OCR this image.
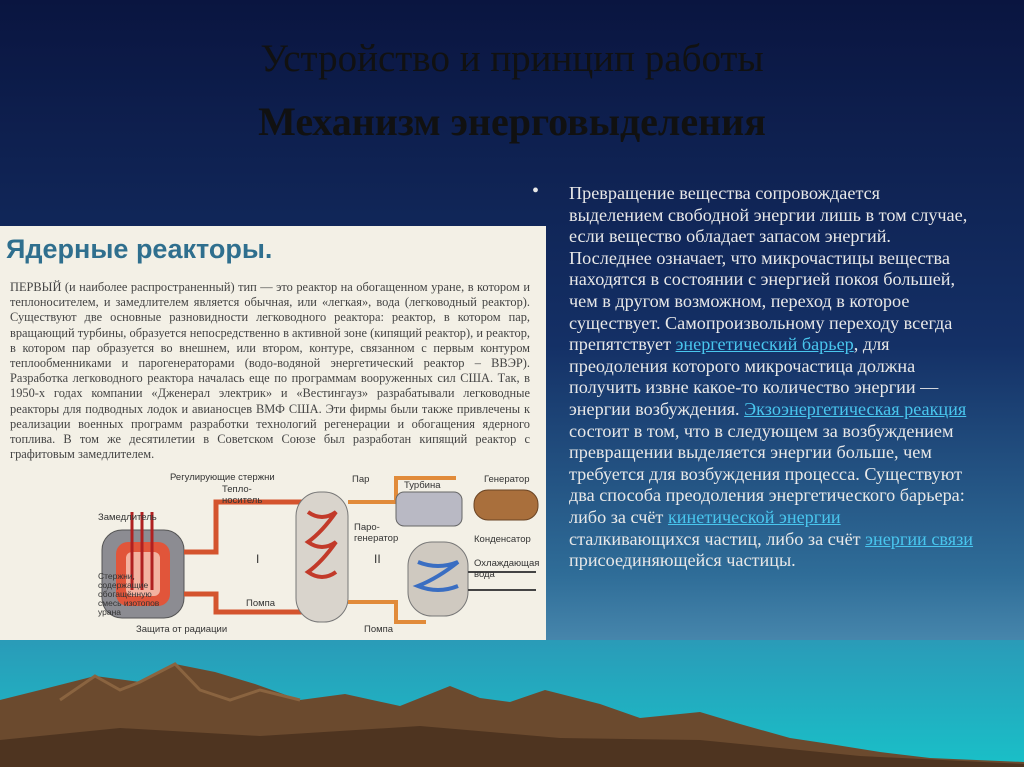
Устройство и принцип работы
Механизм энерговыделения
Ядерные реакторы.
ПЕРВЫЙ (и наиболее распространенный) тип — это реактор на обогащенном уране, в котором и теплоносителем, и замедлителем является обычная, или «легкая», вода (легководный реактор). Существуют две основные разновидности легководного реактора: реактор, в котором пар, вращающий турбины, образуется непосредственно в активной зоне (кипящий реактор), и реактор, в котором пар образуется во внешнем, или втором, контуре, связанном с первым контуром теплообменниками и парогенераторами (водо-водяной энергетический реактор – ВВЭР). Разработка легководного реактора началась еще по программам вооруженных сил США. Так, в 1950-х годах компании «Дженерал электрик» и «Вестингауз» разрабатывали легководные реакторы для подводных лодок и авианосцев ВМФ США. Эти фирмы были также привлечены к реализации военных программ разработки технологий регенерации и обогащения ядерного топлива. В том же десятилетии в Советском Союзе был разработан кипящий реактор с графитовым замедлителем.
Регулирующие стержни
Замедлитель
Стержни, содержащие обогащённую смесь изотопов урана
Тепло-носитель
Пар
Турбина
Генератор
Паро-генератор	Конденсатор
Охлаждающая вода
Помпа
Помпа
Защита от радиации
I	II
• Превращение вещества сопровождается выделением свободной энергии лишь в том случае, если вещество обладает запасом энергий. Последнее означает, что микрочастицы вещества находятся в состоянии с энергией покоя большей, чем в другом возможном, переход в которое существует. Самопроизвольному переходу всегда препятствует энергетический барьер, для преодоления которого микрочастица должна получить извне какое-то количество энергии — энергии возбуждения. Экзоэнергетическая реакция состоит в том, что в следующем за возбуждением превращении выделяется энергии больше, чем требуется для возбуждения процесса. Существуют два способа преодоления энергетического барьера: либо за счёт кинетической энергии сталкивающихся частиц, либо за счёт энергии связи присоединяющейся частицы.
